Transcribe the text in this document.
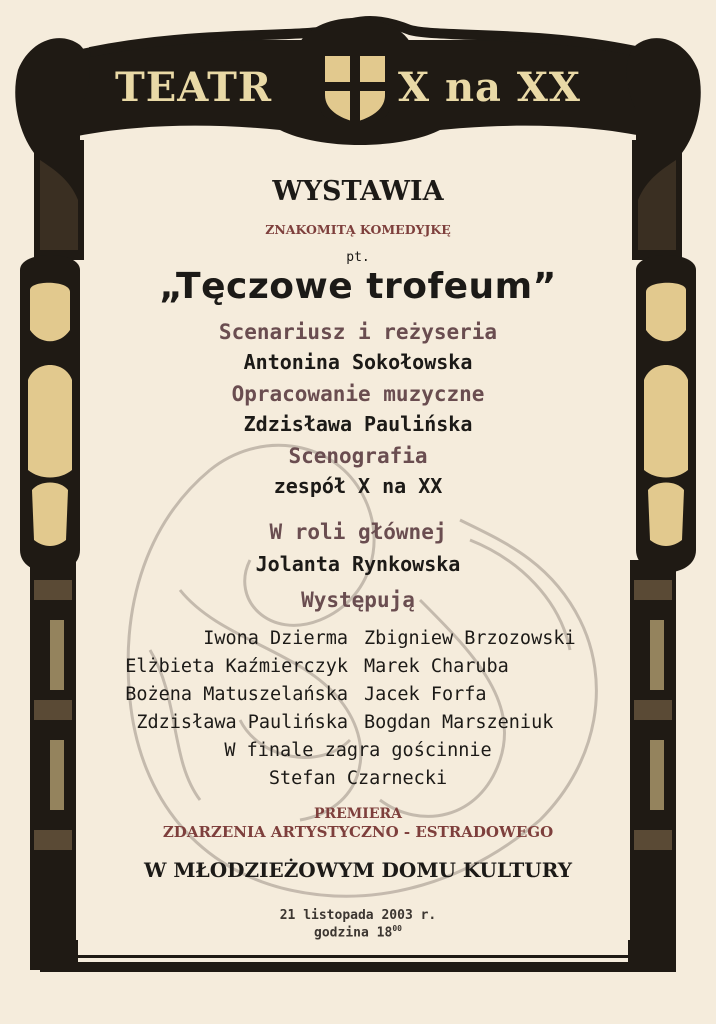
TEATR	X na XX
WYSTAWIA
ZNAKOMITĄ KOMEDYJKĘ
pt.
„Tęczowe trofeum”
Scenariusz i reżyseria
Antonina Sokołowska
Opracowanie muzyczne
Zdzisława Paulińska
Scenografia
zespół X na XX
W roli głównej
Jolanta Rynkowska
Występują
Iwona Dzierma Zbigniew Brzozowski
Elżbieta Kaźmierczyk Marek Charuba
Bożena Matuszelańska Jacek Forfa
Zdzisława Paulińska Bogdan Marszeniuk
W finale zagra gościnnie
Stefan Czarnecki
PREMIERA
ZDARZENIA ARTYSTYCZNO - ESTRADOWEGO
W MŁODZIEŻOWYM DOMU KULTURY
21 listopada 2003 r.
godzina $18^{00}$
